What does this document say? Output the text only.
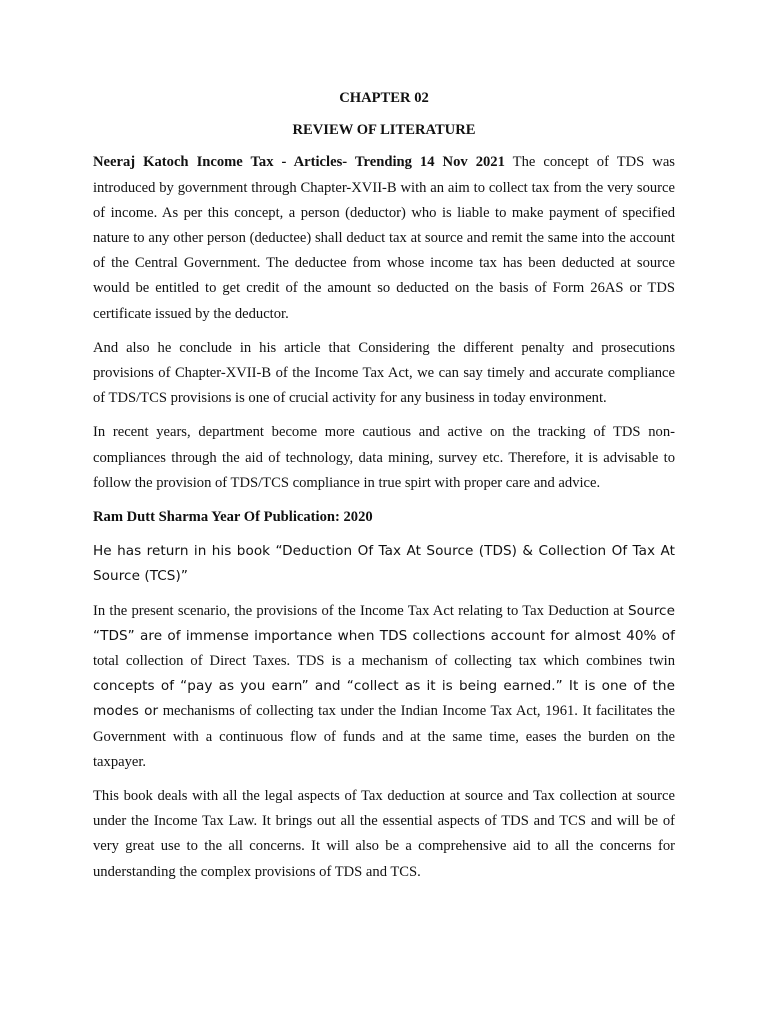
CHAPTER 02

REVIEW OF LITERATURE

Neeraj Katoch Income Tax - Articles- Trending 14 Nov 2021 The concept of TDS was introduced by government through Chapter-XVII-B with an aim to collect tax from the very source of income. As per this concept, a person (deductor) who is liable to make payment of specified nature to any other person (deductee) shall deduct tax at source and remit the same into the account of the Central Government. The deductee from whose income tax has been deducted at source would be entitled to get credit of the amount so deducted on the basis of Form 26AS or TDS certificate issued by the deductor.

And also he conclude in his article that Considering the different penalty and prosecutions provisions of Chapter-XVII-B of the Income Tax Act, we can say timely and accurate compliance of TDS/TCS provisions is one of crucial activity for any business in today environment.

In recent years, department become more cautious and active on the tracking of TDS non-compliances through the aid of technology, data mining, survey etc. Therefore, it is advisable to follow the provision of TDS/TCS compliance in true spirt with proper care and advice.

Ram Dutt Sharma Year Of Publication: 2020

He has return in his book “Deduction Of Tax At Source (TDS) & Collection Of Tax At Source (TCS)”

In the present scenario, the provisions of the Income Tax Act relating to Tax Deduction at Source “TDS” are of immense importance when TDS collections account for almost 40% of total collection of Direct Taxes. TDS is a mechanism of collecting tax which combines twin concepts of “pay as you earn” and “collect as it is being earned.” It is one of the modes or mechanisms of collecting tax under the Indian Income Tax Act, 1961. It facilitates the Government with a continuous flow of funds and at the same time, eases the burden on the taxpayer.

This book deals with all the legal aspects of Tax deduction at source and Tax collection at source under the Income Tax Law. It brings out all the essential aspects of TDS and TCS and will be of very great use to the all concerns. It will also be a comprehensive aid to all the concerns for understanding the complex provisions of TDS and TCS.
